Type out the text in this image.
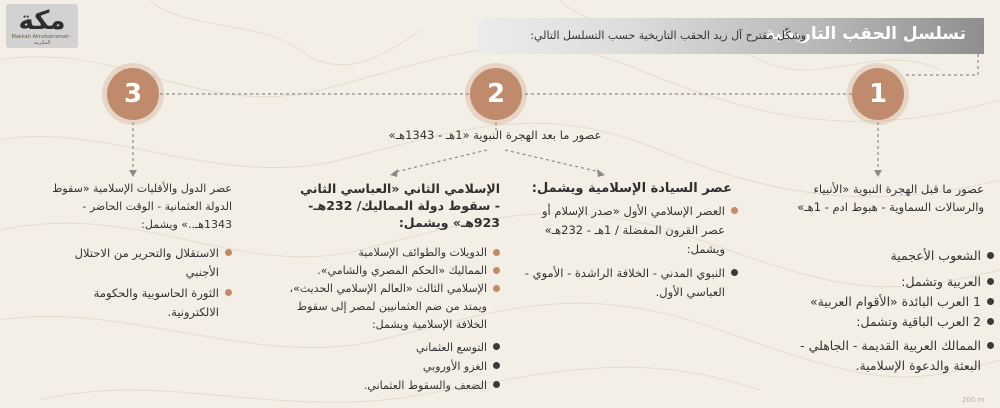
مكة
Makkah Almokarramah · المكرمة	تسلسل الحقب التاريخية
وشكّل مقترح آل زيد الحقب التاريخية حسب التسلسل التالي:
1
2
3
عصور ما بعد الهجرة النبوية «1هـ - 1343هـ»
عصور ما قبل الهجرة النبوية «الأنبياء والرسالات السماوية - هبوط ادم - 1هـ»
الشعوب الأعجمية
العربية وتشمل:
1 العرب البائدة «الأقوام العربية»
2 العرب الباقية وتشمل:
الممالك العربية القديمة - الجاهلي - البعثة والدعوة الإسلامية.
عصر السيادة الإسلامية ويشمل:
العصر الإسلامي الأول «صدر الإسلام أو عصر القرون المفضلة / 1هـ - 232هـ» ويشمل:
النبوي المدني - الخلافة الراشدة - الأموي - العباسي الأول.
الإسلامي الثاني «العباسي الثاني - سقوط دولة المماليك/ 232هـ- 923هـ» ويشمل:
الدويلات والطوائف الإسلامية
المماليك «الحكم المصري والشامي».
الإسلامي الثالث «العالم الإسلامي الحديث»، ويمتد من ضم العثمانيين لمصر إلى سقوط الخلافة الإسلامية ويشمل:
التوسع العثماني
الغزو الأوروبي
الضعف والسقوط العثماني.
عصر الدول والأقليات الإسلامية «سقوط الدولة العثمانية - الوقت الحاضر - 1343هـ..» ويشمل:
الاستقلال والتحرير من الاحتلال الأجنبي
الثورة الحاسوبية والحكومة الالكترونية.
200 m
